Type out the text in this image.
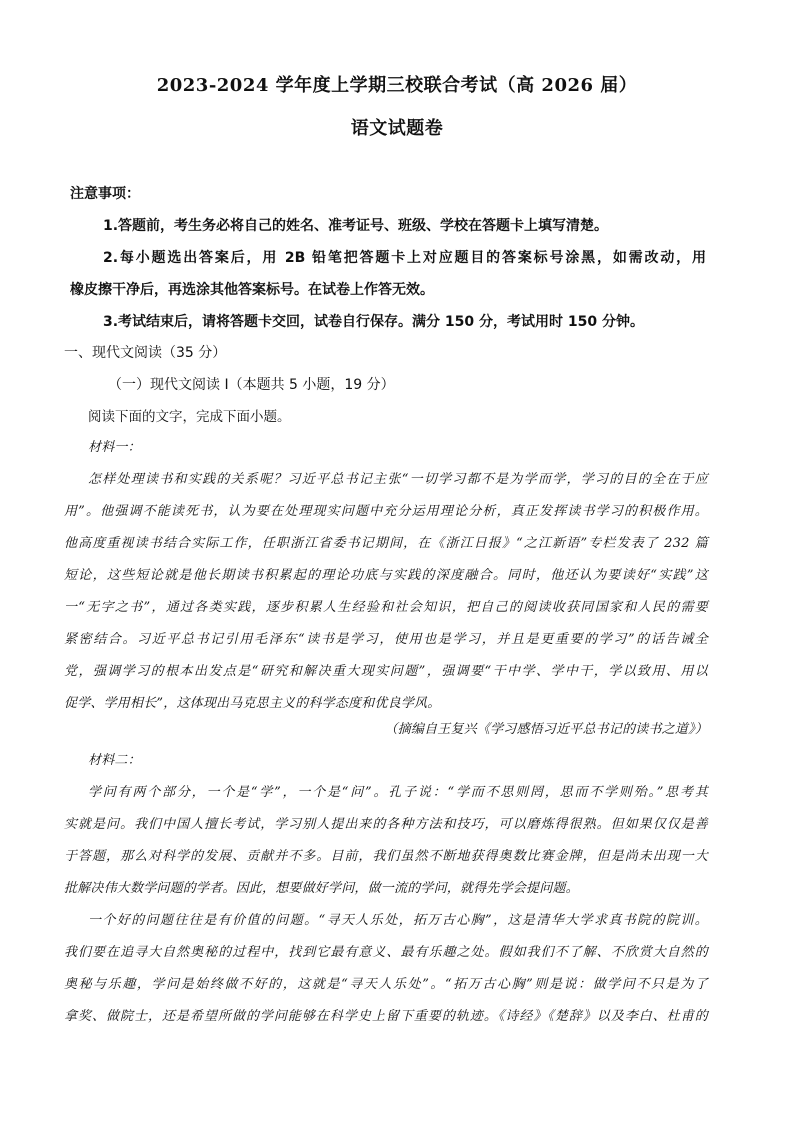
2023-2024 学年度上学期三校联合考试（高 2026 届）
语文试题卷
注意事项：
1.答题前，考生务必将自己的姓名、准考证号、班级、学校在答题卡上填写清楚。
2.每小题选出答案后，用 2B 铅笔把答题卡上对应题目的答案标号涂黑，如需改动，用
橡皮擦干净后，再选涂其他答案标号。在试卷上作答无效。
3.考试结束后，请将答题卡交回，试卷自行保存。满分 150 分，考试用时 150 分钟。
一、现代文阅读（35 分）
（一）现代文阅读 I（本题共 5 小题，19 分）
阅读下面的文字，完成下面小题。
材料一：
怎样处理读书和实践的关系呢？习近平总书记主张“一切学习都不是为学而学，学习的目的全在于应
用”。他强调不能读死书，认为要在处理现实问题中充分运用理论分析，真正发挥读书学习的积极作用。
他高度重视读书结合实际工作，任职浙江省委书记期间，在《浙江日报》“之江新语”专栏发表了 232 篇
短论，这些短论就是他长期读书积累起的理论功底与实践的深度融合。同时，他还认为要读好“实践”这
一“无字之书”，通过各类实践，逐步积累人生经验和社会知识，把自己的阅读收获同国家和人民的需要
紧密结合。习近平总书记引用毛泽东“读书是学习，使用也是学习，并且是更重要的学习”的话告诫全
党，强调学习的根本出发点是“研究和解决重大现实问题”，强调要“干中学、学中干，学以致用、用以
促学、学用相长”，这体现出马克思主义的科学态度和优良学风。
（摘编自王复兴《学习感悟习近平总书记的读书之道》）
材料二：
学问有两个部分，一个是“学”，一个是“问”。孔子说：“学而不思则罔，思而不学则殆。”思考其
实就是问。我们中国人擅长考试，学习别人提出来的各种方法和技巧，可以磨炼得很熟。但如果仅仅是善
于答题，那么对科学的发展、贡献并不多。目前，我们虽然不断地获得奥数比赛金牌，但是尚未出现一大
批解决伟大数学问题的学者。因此，想要做好学问，做一流的学问，就得先学会提问题。
一个好的问题往往是有价值的问题。“寻天人乐处，拓万古心胸”，这是清华大学求真书院的院训。
我们要在追寻大自然奥秘的过程中，找到它最有意义、最有乐趣之处。假如我们不了解、不欣赏大自然的
奥秘与乐趣，学问是始终做不好的，这就是“寻天人乐处”。“拓万古心胸”则是说：做学问不只是为了
拿奖、做院士，还是希望所做的学问能够在科学史上留下重要的轨迹。《诗经》《楚辞》以及李白、杜甫的
